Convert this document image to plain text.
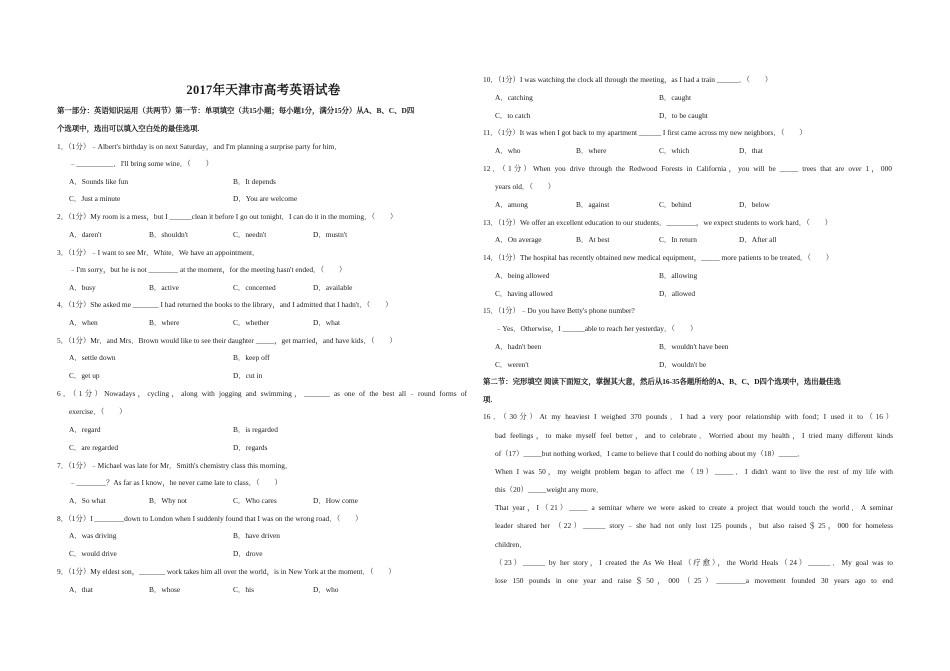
2017年天津市高考英语试卷
第一部分：英语知识运用（共两节）第一节：单项填空（共15小题；每小题1分，满分15分）从A、B、C、D四
个选项中，选出可以填入空白处的最佳选项.
1．（1分）﹣Albert's birthday is on next Saturday，and I'm planning a surprise party for him．
﹣__________．I'll bring some wine．（　　）
A．Sounds like fun	B．It depends
C．Just a minute	D．You are welcome
2．（1分）My room is a mess，but I ______clean it before I go out tonight．I can do it in the morning．（　　）
A．daren't	B．shouldn't	C．needn't	D．mustn't
3．（1分）﹣I want to see Mr．White．We have an appointment．
﹣I'm sorry，but he is not ________ at the moment，for the meeting hasn't ended．（　　）
A．busy	B．active	C．concerned	D．available
4．（1分）She asked me _______ I had returned the books to the library，and I admitted that I hadn't．（　　）
A．when	B．where	C．whether	D．what
5．（1分）Mr．and Mrs．Brown would like to see their daughter _____，get married，and have kids．（　　）
A．settle down	B．keep off
C．get up	D．cut in
6．（1分）Nowadays，cycling，along with jogging and swimming，_______ as one of the best all﹣round forms of
exercise．（　　）
A．regard	B．is regarded
C．are regarded	D．regards
7．（1分）﹣Michael was late for Mr．Smith's chemistry class this morning．
﹣________？As far as I know，he never came late to class．（　　）
A．So what	B．Why not	C．Who cares	D．How come
8．（1分）I ________down to London when I suddenly found that I was on the wrong road．（　　）
A．was driving	B．have driven
C．would drive	D．drove
9．（1分）My eldest son，_______ work takes him all over the world，is in New York at the moment．（　　）
A．that	B．whose	C．his	D．who
10．（1分）I was watching the clock all through the meeting，as I had a train ______．（　　）
A．catching	B．caught
C．to catch	D．to be caught
11．（1分）It was when I got back to my apartment ______ I first came across my new neighbors．（　　）
A．who	B．where	C．which	D．that
12．（1分）When you drive through the Redwood Forests in California，you will be _____ trees that are over 1，000
years old．（　　）
A．among	B．against	C．behind	D．below
13．（1分）We offer an excellent education to our students．________，we expect students to work hard．（　　）
A．On average	B．At best	C．In return	D．After all
14．（1分）The hospital has recently obtained new medical equipment，_____ more patients to be treated．（　　）
A．being allowed	B．allowing
C．having allowed	D．allowed
15．（1分）﹣Do you have Betty's phone number?
﹣Yes．Otherwise，I ______able to reach her yesterday．（　　）
A．hadn't been	B．wouldn't have been
C．weren't	D．wouldn't be
第二节：完形填空 阅读下面短文，掌握其大意，然后从16-35各题所给的A、B、C、D四个选项中，选出最佳选
项.
16．（30分）At my heaviest I weighed 370 pounds．I had a very poor relationship with food；I used it to（16）
bad feelings，to make myself feel better，and to celebrate．Worried about my health，I tried many different kinds
of（17）_____but nothing worked．I came to believe that I could do nothing about my（18）_____．
When I was 50，my weight problem began to affect me（19）_____．I didn't want to live the rest of my life with
this（20）_____weight any more．
That year，I（21）_____ a seminar where we were asked to create a project that would touch the world．A seminar
leader shared her （22）______ story﹣she had not only lost 125 pounds，but also raised＄25，000 for homeless
children．
（23）______ by her story，I created the As We Heal（疗愈），the World Heals（24）______．My goal was to
lose 150 pounds in one year and raise＄50，000（25）________a movement founded 30 years ago to end
